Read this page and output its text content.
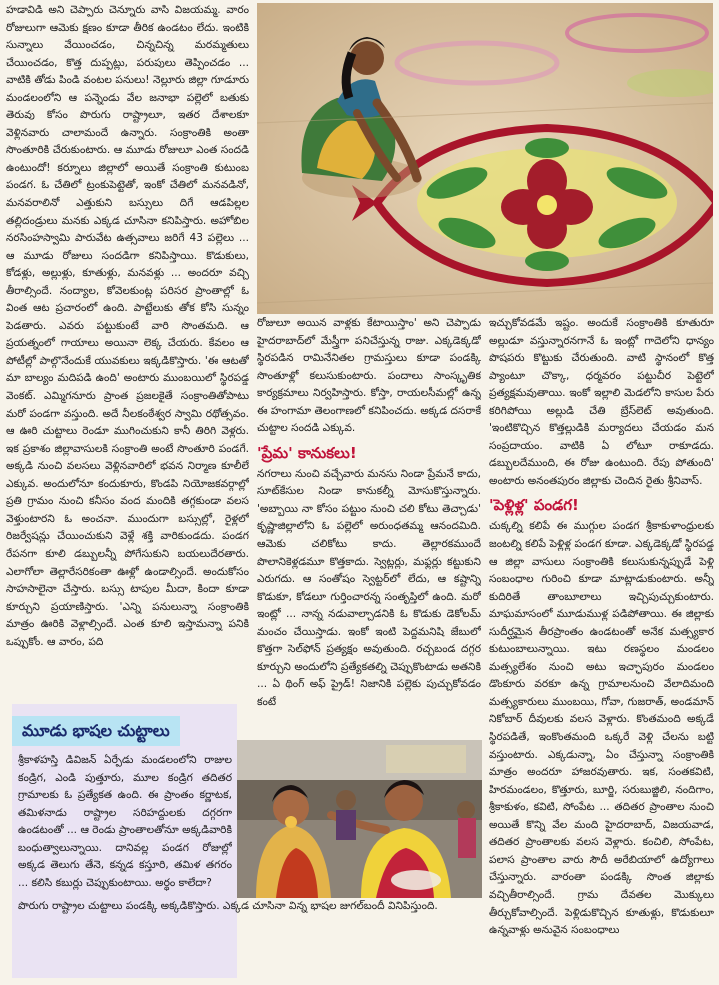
హడావిడి అని చెప్పారు చెన్నూరు వాసి విజయమ్మ. వారం రోజులుగా ఆమెకు క్షణం కూడా తీరిక ఉండటం లేదు. ఇంటికి సున్నాలు వేయించడం, చిన్నచిన్న మరమ్మతులు చేయించడం, కొత్త దుప్పట్లు, పరుపులు తెప్పించడం ... వాటికి తోడు పిండి వంటల పనులు! నెల్లూరు జిల్లా గూడూరు మండలంలోని ఆ పన్నెండు వేల జనాభా పల్లెలో బతుకు తెరువు కోసం పొరుగు రాష్ట్రాలూ, ఇతర దేశాలకూ వెళ్లినవారు చాలామందే ఉన్నారు. సంక్రాంతికి అంతా సొంతూరికి చేరుకుంటారు. ఆ మూడు రోజులూ ఎంత సందడి ఉంటుందో! కర్నూలు జిల్లాలో అయితే సంక్రాంతి కుటుంబ పండగ. ఓ చేతిలో ట్రంకుపెట్టెతో, ఇంకో చేతిలో మనవడినో, మనవరాలినో ఎత్తుకుని బస్సులు దిగే ఆడపిల్లల తల్లిదండ్రులు మనకు ఎక్కడ చూసినా కనిపిస్తారు. అహోబిల నరసింహస్వామి పారువేట ఉత్సవాలు జరిగే 43 పల్లెలు ... ఆ మూడు రోజులు సందడిగా కనిపిస్తాయి. కొడుకులు, కోడళ్లు, అల్లుళ్లు, కూతుళ్లు, మనవళ్లు ... అందరూ వచ్చి తీరాల్సిందే. నంద్యాల, కోవెలకుంట్ల పరిసర ప్రాంతాల్లో ఓ వింత ఆట ప్రచారంలో ఉంది. పాట్టేలుకు తోక కోసి సున్నం పెడతారు. ఎవరు పట్టుకుంటే వారి సొంతమది. ఆ ప్రయత్నంలో గాయాలు అయినా లెక్క చేయరు. కేవలం ఆ పోటీల్లో పాల్గొనేందుకే యువకులు ఇక్కడికొస్తారు. 'ఈ ఆటతో మా బాల్యం మదిపడి ఉంది' అంటారు ముంబయిలో స్థిరపడ్డ వెంకట్. ఎమ్మిగనూరు ప్రాంత ప్రజలకైతే సంక్రాంతితోపాటు మరో పండగా వస్తుంది. అదే నీలకంఠేశ్వర స్వామి రథోత్సవం. ఆ ఊరి చుట్టాలు రెండూ ముగించుకుని కానీ తిరిగి వెళ్లరు. ఇక ప్రకాశం జిల్లావాసులకి సంక్రాంతి అంటే సొంతూరి పండగే. అక్కడి నుంచి వలసలు వెళ్లినవారిలో భవన నిర్మాణ కూలీలే ఎక్కువ. అందులోనూ కందుకూరు, కొండపి నియోజకవర్గాల్లో ప్రతి గ్రామం నుంచి కనీసం వంద మందికి తగ్గకుండా వలస వెళ్తుంటారని ఓ అంచనా. ముందుగా బస్సుల్లో, రైళ్లలో రిజర్వేషన్లు చేయించుకుని వెళ్లే శక్తి వారికుండదు. పండగ రేపనగా కూలి డబ్బులన్నీ పోగేసుకుని బయలుదేరతారు. ఎలాగోలా తెల్లారేసరికంతా ఊళ్లో ఉండాల్సిందే. అందుకోసం సాహసాలైనా చేస్తారు. బస్సు టాపుల మీదా, కిందా కూడా కూర్చుని ప్రయాణిస్తారు. 'ఎన్ని పనులున్నా సంక్రాంతికి మాత్రం ఊరికి వెళ్లాల్సిందే. ఎంత కూలి ఇస్తామన్నా పనికి ఒప్పుకోం. ఆ వారం, పది

రోజులూ అయిన వాళ్లకు కేటాయిస్తాం' అని చెప్పాడు హైదరాబాద్‌లో మేస్త్రీగా పనిచేస్తున్న రాజు. ఎక్కడెక్కడో స్థిరపడిన రామినేనితల గ్రామస్తులు కూడా పండక్కి సొంతూళ్లో కలుసుకుంటారు. పందాలు సాంస్కృతిక కార్యక్రమాలు నిర్వహిస్తారు. కోస్తా, రాయలసీమల్లో ఉన్న ఈ హంగామా తెలంగాణలో కనిపించదు. అక్కడ దసరాకే చుట్టాల సందడి ఎక్కువ.

'ప్రేమ' కానుకలు!

నగరాలు నుంచి వచ్చేవారు మనసు నిండా ప్రేమనే కాదు, సూట్‌కేసుల నిండా కానుకల్నీ మోసుకొస్తున్నారు. 'అబ్బాయి నా కోసం పట్టుం నుంచి చలి కోటు తెచ్చాడు' కృష్ణాజిల్లాలోని ఓ పల్లెలో అరుంధతమ్మ ఆనందమిది. ఆమెకు చలికోటు కాదు. తెల్లారకముందే పొలానికెళ్లడమూ కొత్తకాదు. స్వెట్లర్లు, మఫ్లర్లు కట్టుకుని ఎరుగదు. ఆ సంతోషం స్వెట్టర్‌లో లేదు, ఆ కష్టాన్ని కొడుకూ, కోడలూ గుర్తించారన్న సంతృప్తిలో ఉంది. మరో ఇంట్లో ... నాన్న నడువాల్చాడనికి ఓ కొడుకు డెకోలమ్ మంచం చేయిస్తాడు. ఇంకో ఇంటి పెద్దమనిషి జేబులో కొత్తగా సెల్‌ఫోన్ ప్రత్యక్షం అవుతుంది. రచ్చబండ దగ్గర కూర్చుని అందులోని ప్రత్యేకతల్ని చెప్పుకొంటాడు అతనికి ... ఏ థింగ్ అఫ్ ప్రైడ్! నిజానికి పల్లెకు పుచ్చుకోవడం కంటే

ఇచ్చుకోవడమే ఇష్టం. అందుకే సంక్రాంతికి కూతురూ అల్లుడూ వస్తున్నారనగానే ఓ ఇంట్లో గాదెలోని ధాన్యం పొషపరు కొట్టుకు చేరుతుంది. వాటి స్థానంలో కొత్త ప్యాంటూ చొక్కా, ధర్మవరం పట్టుచీర పెట్టెలో ప్రత్యక్షమవుతాయి. ఇంకో ఇల్లాలి మెడలోని కాసుల పేరు కరిగిపోయి అల్లుడి చేతి బ్రేస్‌లెట్ అవుతుంది. 'ఇంటికొచ్చిన కొత్తల్లుడికి మర్యాదలు చేయడం మన సంప్రదాయం. వాటికి ఏ లోటూ రాకూడదు. డబ్బులదేముంది, ఈ రోజు ఉంటుంది. రేపు పోతుంది' అంటారు అనంతపురం జిల్లాకు చెందిన రైతు శ్రీనివాస్.

'పెళ్లిళ్ల' పండగ!

చుక్కల్ని కలిపే ఈ ముగ్గుల పండగ శ్రీకాకుళాంధ్రులకు జంటల్ని కలిపే పెళ్లిళ్ల పండగ కూడా. ఎక్కడెక్కడో స్థిరపడ్డ ఆ జిల్లా వాసులు సంక్రాంతికి కలుసుకున్నప్పుడే పెళ్లి సంబంధాల గురించి కూడా మాట్లాడుకుంటారు. అన్నీ కుదిరితే తాంబూలాలు ఇచ్చిపుచ్చుకుంటారు. మాఘమాసంలో మూడుముళ్ల పడిపోతాయి. ఈ జిల్లాకు సుదీర్ఘమైన తీరప్రాంతం ఉండటంతో అనేక మత్స్యకార కుటుంబాలున్నాయి. ఇటు రణస్థలం మండలం మత్స్యలేశం నుంచి అటు ఇచ్ఛాపురం మండలం డొంకూరు వరకూ ఉన్న గ్రామాలనుంచి వేలాదిమంది మత్స్యకారులు ముంబయి, గోవా, గుజరాత్, అండమాన్ నికోబార్ దీవులకు వలస వెళ్లారు. కొంతమంది అక్కడే స్థిరపడితే, ఇంకొంతమంది ఒక్కరే వెళ్లి చేలను బట్టి వస్తుంటారు. ఎక్కడున్నా, ఏం చేస్తున్నా సంక్రాంతికి మాత్రం అందరూ హాజరవుతారు. ఇక, సంతకవిటి, హిరమండలం, కొత్తూరు, బూర్జి, సరుబుజ్జిలి, నందిగాం, శ్రీకాకుళం, కవిటి, సోంపేట ... తదితర ప్రాంతాల నుంచి అయితే కొన్ని వేల మంది హైదరాబాద్, విజయవాడ, తదితర ప్రాంతాలకు వలస వెళ్లారు. కంచిలి, సోంపేట, పలాస ప్రాంతాల వారు సౌదీ అరేబియాలో ఉద్యోగాలు చేస్తున్నారు. వారంతా పండక్కి సొంత జిల్లాకు వచ్చితీరాల్సిందే. గ్రామ దేవతల మొక్కులు తీర్చుకోవాల్సిందే. పెళ్లిడుకొచ్చిన కూతుళ్లు, కొడుకులూ ఉన్నవాళ్లు అనువైన సంబంధాలు

మూడు భాషల చుట్టాలు

శ్రీకాళహస్తి డివిజన్ ఏర్పేడు మండలంలోని రాజుల కండ్రిగ, ఎండి పుత్తూరు, మూల కండ్రిగ తదితర గ్రామాలకు ఓ ప్రత్యేకత ఉంది. ఈ ప్రాంతం కర్ణాటక, తమిళనాడు రాష్ట్రాల సరిహద్దులకు దగ్గరగా ఉండటంతో ... ఆ రెండు ప్రాంతాలతోనూ అక్కడివారికి బంధుత్వాలున్నాయి. దానివల్ల పండగ రోజుల్లో అక్కడ తెలుగు తేనె, కన్నడ కస్తూరి, తమిళ తగరం ... కలిసి కబుర్లు చెప్పుకుంటాయి. అర్థం కాలేదా?

పొరుగు రాష్ట్రాల చుట్టాలు పండక్కి అక్కడికొస్తారు. ఎక్కడ చూసినా విన్న భాషల జుగల్‌బందీ వినిపిస్తుంది.
